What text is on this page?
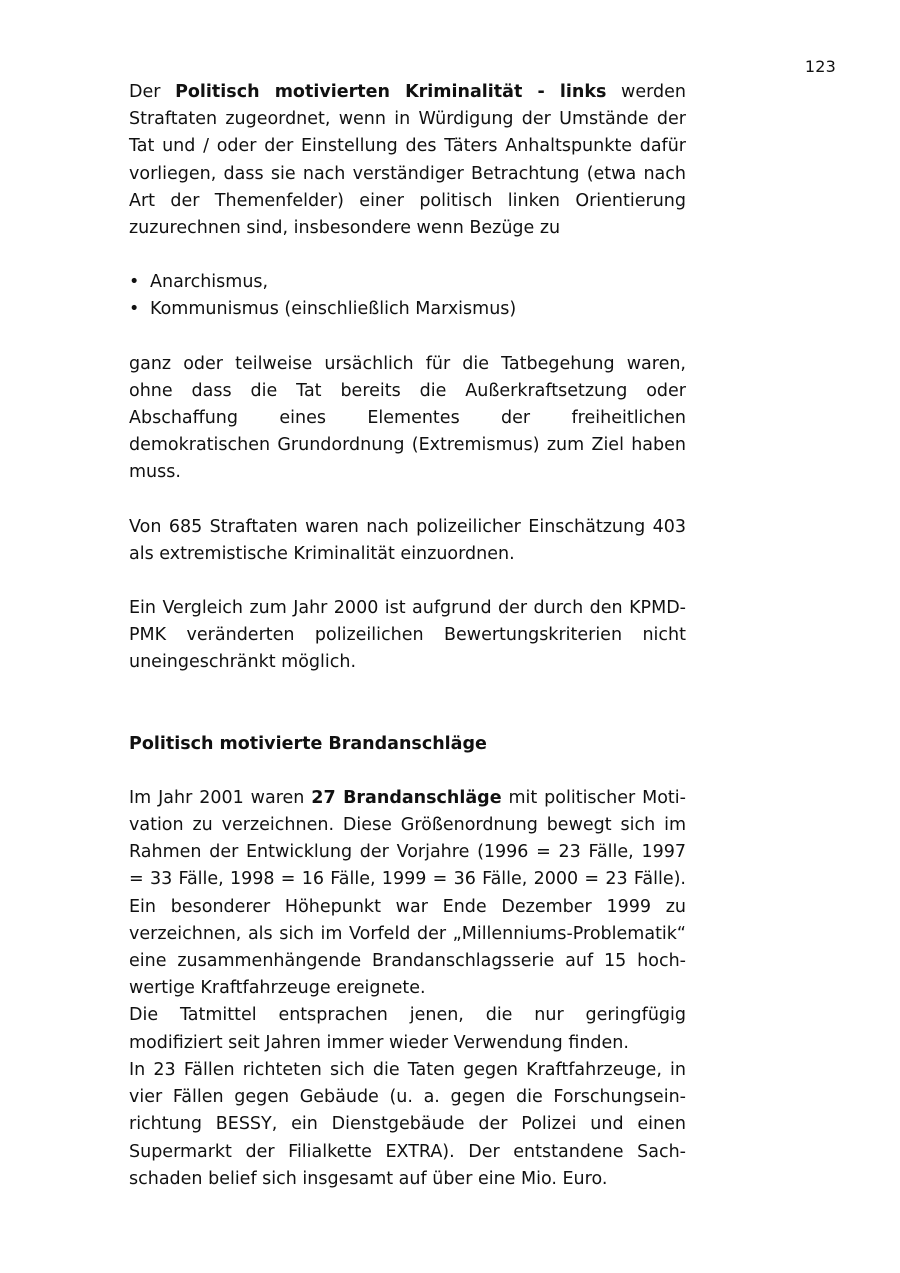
123

Der Politisch motivierten Kriminalität - links werden Straftaten zugeordnet, wenn in Würdigung der Umstände der Tat und / oder der Einstellung des Täters Anhaltspunkte dafür vorliegen, dass sie nach verständiger Betrachtung (etwa nach Art der Themenfelder) einer politisch linken Orientierung zuzurechnen sind, insbesondere wenn Bezüge zu

• Anarchismus,
• Kommunismus (einschließlich Marxismus)

ganz oder teilweise ursächlich für die Tatbegehung waren, ohne dass die Tat bereits die Außerkraftsetzung oder Abschaffung eines Elementes der freiheitlichen demokratischen Grundordnung (Extremismus) zum Ziel haben muss.

Von 685 Straftaten waren nach polizeilicher Einschätzung 403 als extremistische Kriminalität einzuordnen.

Ein Vergleich zum Jahr 2000 ist aufgrund der durch den KPMD-PMK veränderten polizeilichen Bewertungskriterien nicht uneingeschränkt möglich.

Politisch motivierte Brandanschläge

Im Jahr 2001 waren 27 Brandanschläge mit politischer Motivation zu verzeichnen. Diese Größenordnung bewegt sich im Rahmen der Entwicklung der Vorjahre (1996 = 23 Fälle, 1997 = 33 Fälle, 1998 = 16 Fälle, 1999 = 36 Fälle, 2000 = 23 Fälle). Ein besonderer Höhepunkt war Ende Dezember 1999 zu verzeichnen, als sich im Vorfeld der „Millenniums-Problematik“ eine zusammenhängende Brandanschlagsserie auf 15 hochwertige Kraftfahrzeuge ereignete.

Die Tatmittel entsprachen jenen, die nur geringfügig modifiziert seit Jahren immer wieder Verwendung finden.

In 23 Fällen richteten sich die Taten gegen Kraftfahrzeuge, in vier Fällen gegen Gebäude (u. a. gegen die Forschungseinrichtung BESSY, ein Dienstgebäude der Polizei und einen Supermarkt der Filialkette EXTRA). Der entstandene Sachschaden belief sich insgesamt auf über eine Mio. Euro.
